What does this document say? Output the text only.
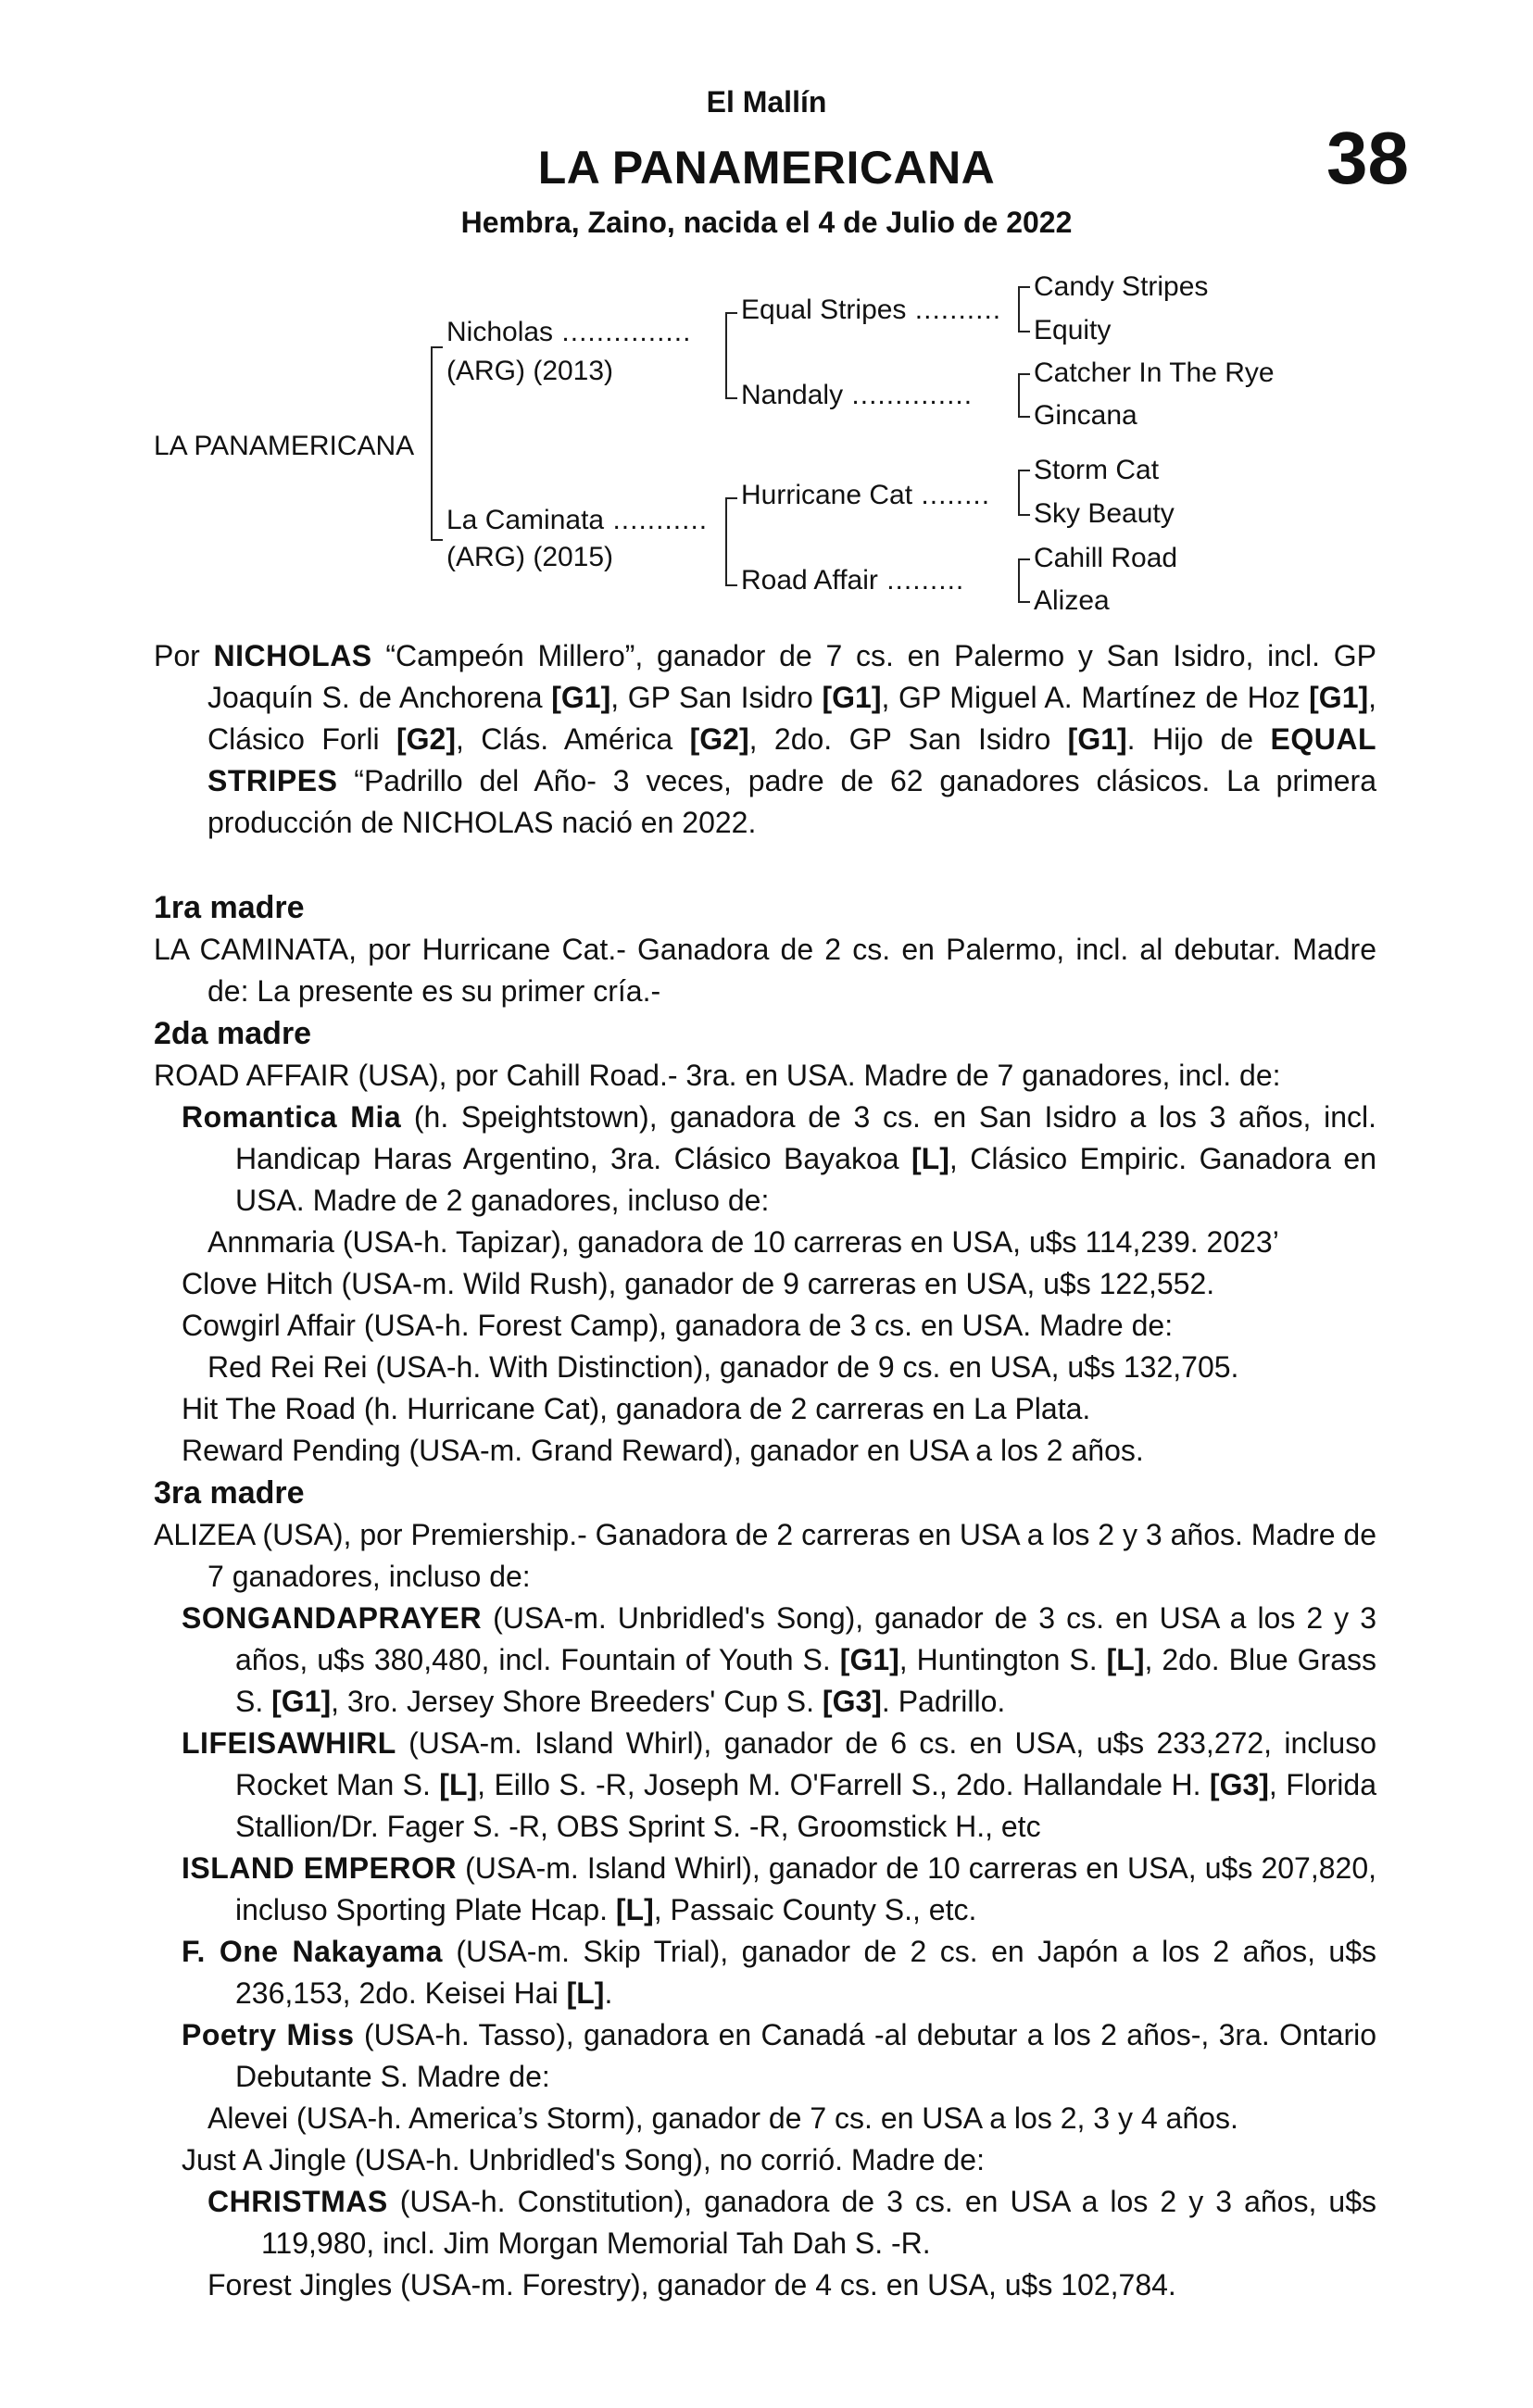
El Mallín
LA PANAMERICANA
Hembra, Zaino, nacida el 4 de Julio de 2022
38
LA PANAMERICANA
Nicholas ...............
(ARG) (2013)
La Caminata ...........
(ARG) (2015)
Equal Stripes ..........
Nandaly ..............
Hurricane Cat ........
Road Affair .........
Candy Stripes
Equity
Catcher In The Rye
Gincana
Storm Cat
Sky Beauty
Cahill Road
Alizea

Por NICHOLAS “Campeón Millero”, ganador de 7 cs. en Palermo y San Isidro, incl. GP Joaquín S. de Anchorena [G1], GP San Isidro [G1], GP Miguel A. Martínez de Hoz [G1], Clásico Forli [G2], Clás. América [G2], 2do. GP San Isidro [G1]. Hijo de EQUAL STRIPES “Padrillo del Año- 3 veces, padre de 62 ganadores clásicos. La primera producción de NICHOLAS nació en 2022.

1ra madre

LA CAMINATA, por Hurricane Cat.- Ganadora de 2 cs. en Palermo, incl. al debutar. Madre de: La presente es su primer cría.-

2da madre

ROAD AFFAIR (USA), por Cahill Road.- 3ra. en USA. Madre de 7 ganadores, incl. de:

Romantica Mia (h. Speightstown), ganadora de 3 cs. en San Isidro a los 3 años, incl. Handicap Haras Argentino, 3ra. Clásico Bayakoa [L], Clásico Empiric. Ganadora en USA. Madre de 2 ganadores, incluso de:

Annmaria (USA-h. Tapizar), ganadora de 10 carreras en USA, u$s 114,239. 2023’

Clove Hitch (USA-m. Wild Rush), ganador de 9 carreras en USA, u$s 122,552.

Cowgirl Affair (USA-h. Forest Camp), ganadora de 3 cs. en USA. Madre de:

Red Rei Rei (USA-h. With Distinction), ganador de 9 cs. en USA, u$s 132,705.

Hit The Road (h. Hurricane Cat), ganadora de 2 carreras en La Plata.

Reward Pending (USA-m. Grand Reward), ganador en USA a los 2 años.

3ra madre

ALIZEA (USA), por Premiership.- Ganadora de 2 carreras en USA a los 2 y 3 años. Madre de 7 ganadores, incluso de:

SONGANDAPRAYER (USA-m. Unbridled's Song), ganador de 3 cs. en USA a los 2 y 3 años, u$s 380,480, incl. Fountain of Youth S. [G1], Huntington S. [L], 2do. Blue Grass S. [G1], 3ro. Jersey Shore Breeders' Cup S. [G3]. Padrillo.

LIFEISAWHIRL (USA-m. Island Whirl), ganador de 6 cs. en USA, u$s 233,272, incluso Rocket Man S. [L], Eillo S. -R, Joseph M. O'Farrell S., 2do. Hallandale H. [G3], Florida Stallion/Dr. Fager S. -R, OBS Sprint S. -R, Groomstick H., etc

ISLAND EMPEROR (USA-m. Island Whirl), ganador de 10 carreras en USA, u$s 207,820, incluso Sporting Plate Hcap. [L], Passaic County S., etc.

F. One Nakayama (USA-m. Skip Trial), ganador de 2 cs. en Japón a los 2 años, u$s 236,153, 2do. Keisei Hai [L].

Poetry Miss (USA-h. Tasso), ganadora en Canadá -al debutar a los 2 años-, 3ra. Ontario Debutante S. Madre de:

Alevei (USA-h. America’s Storm), ganador de 7 cs. en USA a los 2, 3 y 4 años.

Just A Jingle (USA-h. Unbridled's Song), no corrió. Madre de:

CHRISTMAS (USA-h. Constitution), ganadora de 3 cs. en USA a los 2 y 3 años, u$s 119,980, incl. Jim Morgan Memorial Tah Dah S. -R.

Forest Jingles (USA-m. Forestry), ganador de 4 cs. en USA, u$s 102,784.
